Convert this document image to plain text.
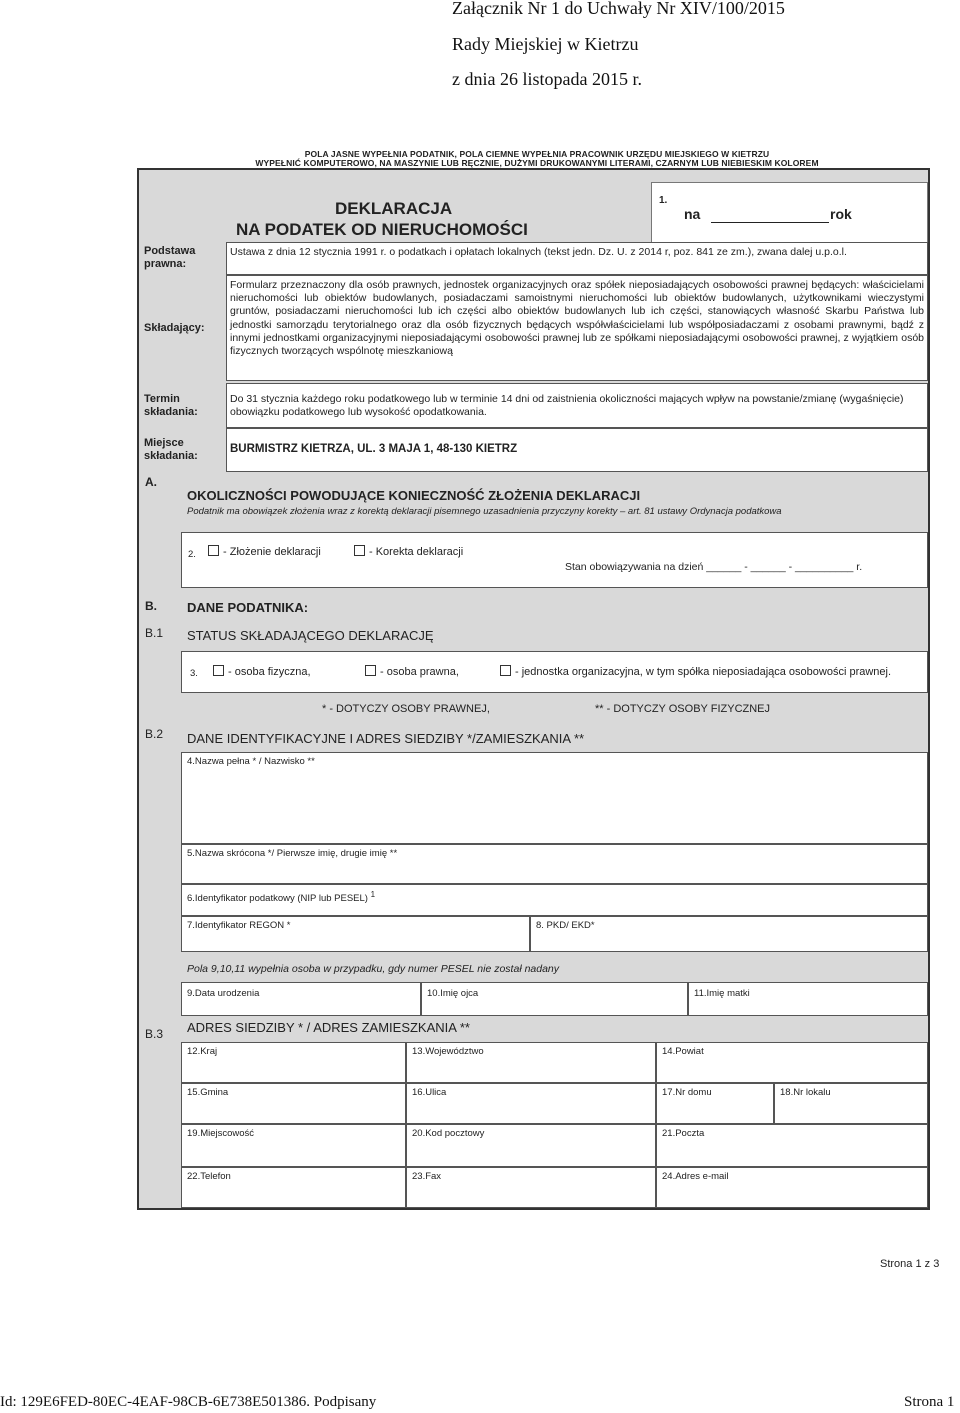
Załącznik Nr 1 do Uchwały Nr XIV/100/2015
Rady Miejskiej w Kietrzu
z dnia 26 listopada 2015 r.
POLA JASNE WYPEŁNIA PODATNIK, POLA CIEMNE WYPEŁNIA PRACOWNIK URZĘDU MIEJSKIEGO W KIETRZU
WYPEŁNIĆ KOMPUTEROWO, NA MASZYNIE LUB RĘCZNIE, DUŻYMI DRUKOWANYMI LITERAMI, CZARNYM LUB NIEBIESKIM KOLOREM
DEKLARACJA
NA PODATEK OD NIERUCHOMOŚCI
1.
na	rok
Podstawa prawna:
Ustawa z dnia 12 stycznia 1991 r. o podatkach i opłatach lokalnych (tekst jedn. Dz. U. z 2014 r, poz. 841 ze zm.), zwana dalej u.p.o.l.
Składający:
Formularz przeznaczony dla osób prawnych, jednostek organizacyjnych oraz spółek nieposiadających osobowości prawnej będących: właścicielami nieruchomości lub obiektów budowlanych, posiadaczami samoistnymi nieruchomości lub obiektów budowlanych, użytkownikami wieczystymi gruntów, posiadaczami nieruchomości lub ich części albo obiektów budowlanych lub ich części, stanowiących własność Skarbu Państwa lub jednostki samorządu terytorialnego oraz dla osób fizycznych będących współwłaścicielami lub współposiadaczami z osobami prawnymi, bądź z innymi jednostkami organizacyjnymi nieposiadającymi osobowości prawnej lub ze spółkami nieposiadającymi osobowości prawnej, z wyjątkiem osób fizycznych tworzących wspólnotę mieszkaniową
Termin składania:
Do 31 stycznia każdego roku podatkowego lub w terminie 14 dni od zaistnienia okoliczności mających wpływ na powstanie/zmianę (wygaśnięcie) obowiązku podatkowego lub wysokość opodatkowania.
Miejsce składania:
BURMISTRZ KIETRZA, UL. 3 MAJA 1, 48-130 KIETRZ
A.
OKOLICZNOŚCI POWODUJĄCE KONIECZNOŚĆ ZŁOŻENIA DEKLARACJI
Podatnik ma obowiązek złożenia wraz z korektą deklaracji pisemnego uzasadnienia przyczyny korekty – art. 81 ustawy Ordynacja podatkowa
2.	- Złożenie deklaracji	- Korekta deklaracji
Stan obowiązywania na dzień ______ - ______ - __________ r.
B. DANE PODATNIKA:
B.1 STATUS SKŁADAJĄCEGO DEKLARACJĘ
3.	- osoba fizyczna,	- osoba prawna,	- jednostka organizacyjna, w tym spółka nieposiadająca osobowości prawnej.
* - DOTYCZY OSOBY PRAWNEJ,	** - DOTYCZY OSOBY FIZYCZNEJ
B.2 DANE IDENTYFIKACYJNE I ADRES SIEDZIBY */ZAMIESZKANIA **
4.Nazwa pełna * / Nazwisko **
5.Nazwa skrócona */ Pierwsze imię, drugie imię **
6.Identyfikator podatkowy (NIP lub PESEL) $^1$
7.Identyfikator REGON *	8. PKD/ EKD*
Pola 9,10,11 wypełnia osoba w przypadku, gdy numer PESEL nie został nadany
9.Data urodzenia	10.Imię ojca	11.Imię matki
B.3 ADRES SIEDZIBY * / ADRES ZAMIESZKANIA **
12.Kraj	13.Województwo	14.Powiat
15.Gmina	16.Ulica	17.Nr domu	18.Nr lokalu
19.Miejscowość	20.Kod pocztowy	21.Poczta
22.Telefon	23.Fax	24.Adres e-mail
Strona 1 z 3
Id: 129E6FED-80EC-4EAF-98CB-6E738E501386. Podpisany	Strona 1
